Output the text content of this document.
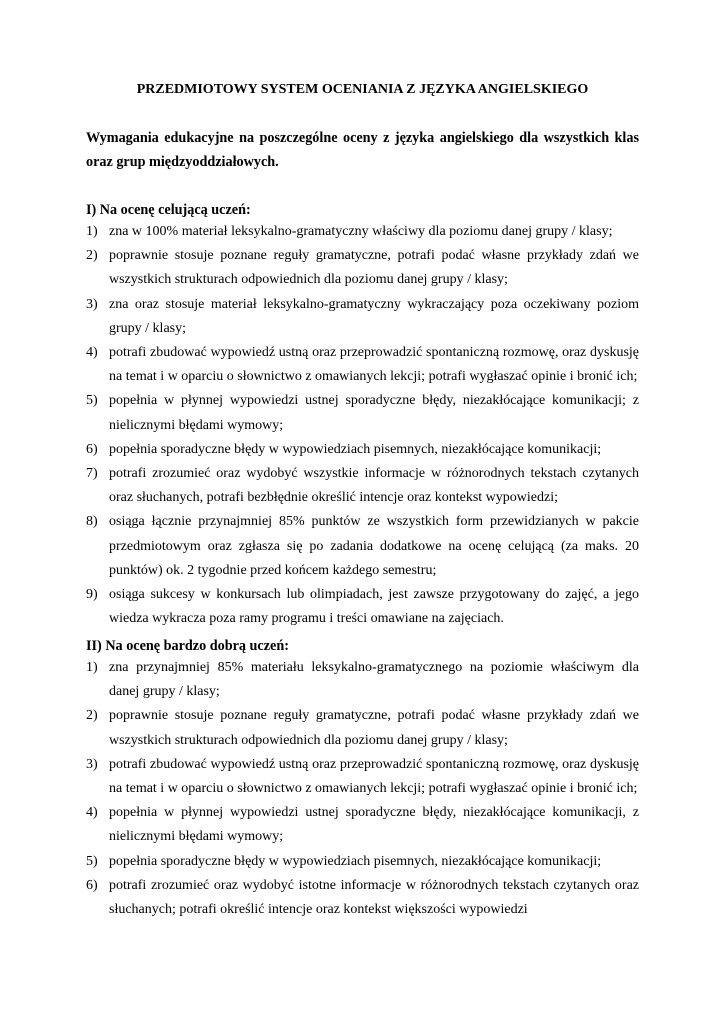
PRZEDMIOTOWY SYSTEM OCENIANIA Z JĘZYKA ANGIELSKIEGO

Wymagania edukacyjne na poszczególne oceny z języka angielskiego dla wszystkich klas oraz grup międzyoddziałowych.

I) Na ocenę celującą uczeń:
1) zna w 100% materiał leksykalno-gramatyczny właściwy dla poziomu danej grupy / klasy;
2) poprawnie stosuje poznane reguły gramatyczne, potrafi podać własne przykłady zdań we wszystkich strukturach odpowiednich dla poziomu danej grupy / klasy;
3) zna oraz stosuje materiał leksykalno-gramatyczny wykraczający poza oczekiwany poziom grupy / klasy;
4) potrafi zbudować wypowiedź ustną oraz przeprowadzić spontaniczną rozmowę, oraz dyskusję na temat i w oparciu o słownictwo z omawianych lekcji; potrafi wygłaszać opinie i bronić ich;
5) popełnia w płynnej wypowiedzi ustnej sporadyczne błędy, niezakłócające komunikacji; z nielicznymi błędami wymowy;
6) popełnia sporadyczne błędy w wypowiedziach pisemnych, niezakłócające komunikacji;
7) potrafi zrozumieć oraz wydobyć wszystkie informacje w różnorodnych tekstach czytanych oraz słuchanych, potrafi bezbłędnie określić intencje oraz kontekst wypowiedzi;
8) osiąga łącznie przynajmniej 85% punktów ze wszystkich form przewidzianych w pakcie przedmiotowym oraz zgłasza się po zadania dodatkowe na ocenę celującą (za maks. 20 punktów) ok. 2 tygodnie przed końcem każdego semestru;
9) osiąga sukcesy w konkursach lub olimpiadach, jest zawsze przygotowany do zajęć, a jego wiedza wykracza poza ramy programu i treści omawiane na zajęciach.
II) Na ocenę bardzo dobrą uczeń:
1) zna przynajmniej 85% materiału leksykalno-gramatycznego na poziomie właściwym dla danej grupy / klasy;
2) poprawnie stosuje poznane reguły gramatyczne, potrafi podać własne przykłady zdań we wszystkich strukturach odpowiednich dla poziomu danej grupy / klasy;
3) potrafi zbudować wypowiedź ustną oraz przeprowadzić spontaniczną rozmowę, oraz dyskusję na temat i w oparciu o słownictwo z omawianych lekcji; potrafi wygłaszać opinie i bronić ich;
4) popełnia w płynnej wypowiedzi ustnej sporadyczne błędy, niezakłócające komunikacji, z nielicznymi błędami wymowy;
5) popełnia sporadyczne błędy w wypowiedziach pisemnych, niezakłócające komunikacji;
6) potrafi zrozumieć oraz wydobyć istotne informacje w różnorodnych tekstach czytanych oraz słuchanych; potrafi określić intencje oraz kontekst większości wypowiedzi
